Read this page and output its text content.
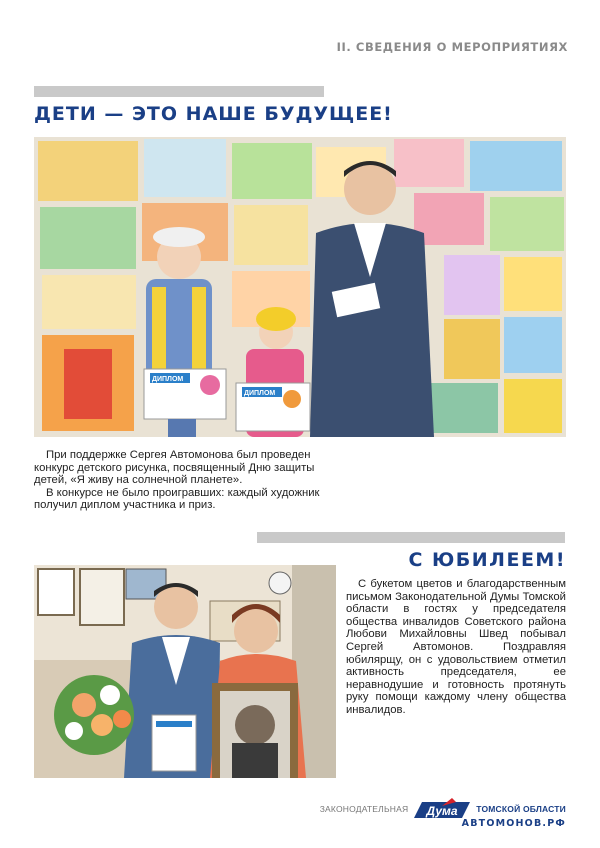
II. СВЕДЕНИЯ О МЕРОПРИЯТИЯХ
ДЕТИ — ЭТО НАШЕ БУДУЩЕЕ!
ДИПЛОМ
ДИПЛОМ

При поддержке Сергея Автомонова был проведен конкурс детского рисунка, посвященный Дню защиты детей, «Я живу на солнечной планете».

В конкурсе не было проигравших: каждый художник получил диплом участника и приз.

С ЮБИЛЕЕМ!

С букетом цветов и благодарственным письмом Законодательной Думы Томской области в гостях у председателя общества инвалидов Советского района Любови Михайловны Швед побывал Сергей Автомонов. Поздравляя юбилярщу, он с удовольствием отметил активность председателя, ее неравнодушие и готовность протянуть руку помощи каждому члену общества инвалидов.

ЗАКОНОДАТЕЛЬНАЯ Дума ТОМСКОЙ ОБЛАСТИ
АВТОМОНОВ.РФ
